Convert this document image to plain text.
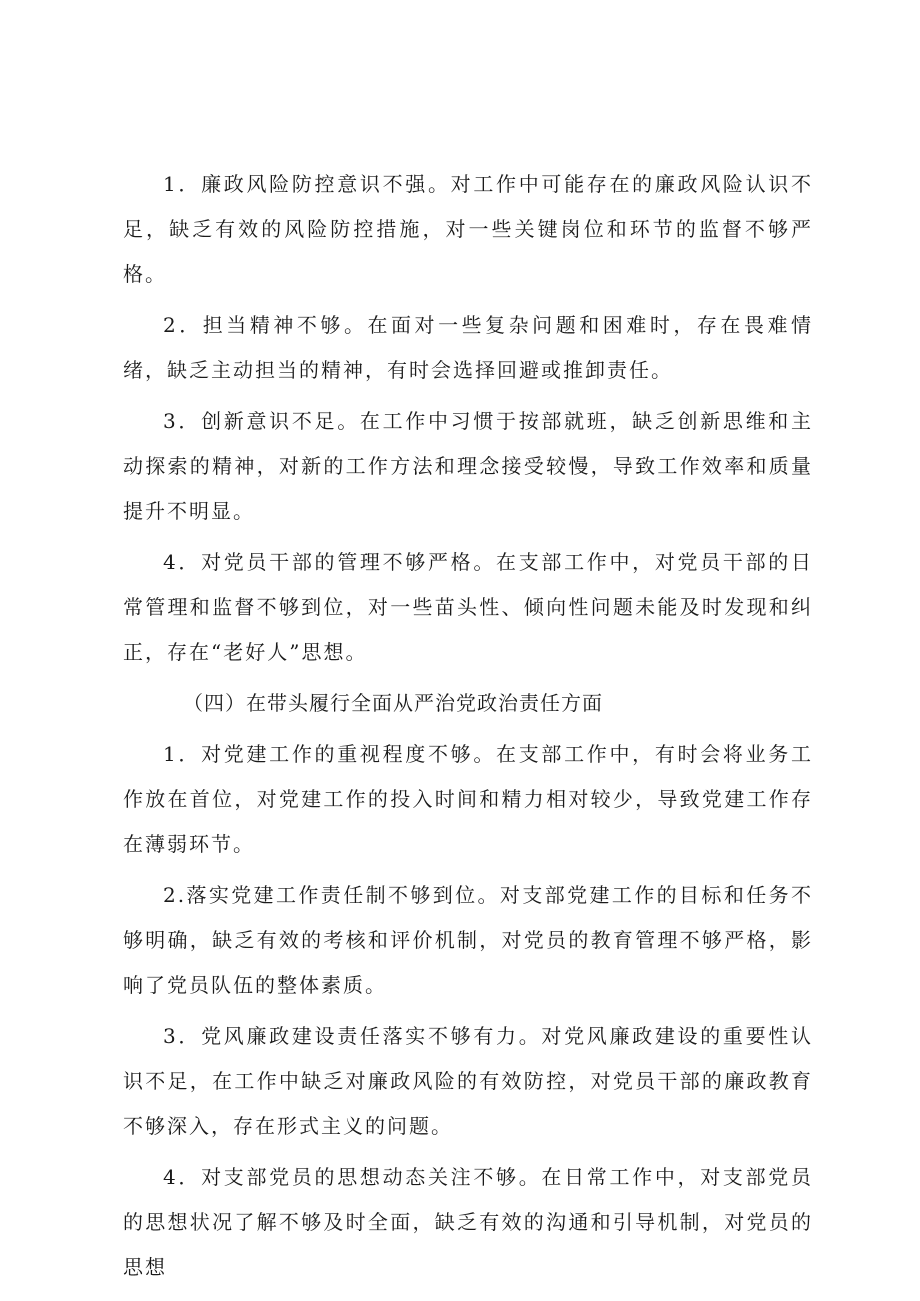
1．廉政风险防控意识不强。对工作中可能存在的廉政风险认识不足，缺乏有效的风险防控措施，对一些关键岗位和环节的监督不够严格。

2．担当精神不够。在面对一些复杂问题和困难时，存在畏难情绪，缺乏主动担当的精神，有时会选择回避或推卸责任。

3．创新意识不足。在工作中习惯于按部就班，缺乏创新思维和主动探索的精神，对新的工作方法和理念接受较慢，导致工作效率和质量提升不明显。

4．对党员干部的管理不够严格。在支部工作中，对党员干部的日常管理和监督不够到位，对一些苗头性、倾向性问题未能及时发现和纠正，存在“老好人”思想。

（四）在带头履行全面从严治党政治责任方面

1．对党建工作的重视程度不够。在支部工作中，有时会将业务工作放在首位，对党建工作的投入时间和精力相对较少，导致党建工作存在薄弱环节。

2.落实党建工作责任制不够到位。对支部党建工作的目标和任务不够明确，缺乏有效的考核和评价机制，对党员的教育管理不够严格，影响了党员队伍的整体素质。

3．党风廉政建设责任落实不够有力。对党风廉政建设的重要性认识不足，在工作中缺乏对廉政风险的有效防控，对党员干部的廉政教育不够深入，存在形式主义的问题。

4．对支部党员的思想动态关注不够。在日常工作中，对支部党员的思想状况了解不够及时全面，缺乏有效的沟通和引导机制，对党员的思想
